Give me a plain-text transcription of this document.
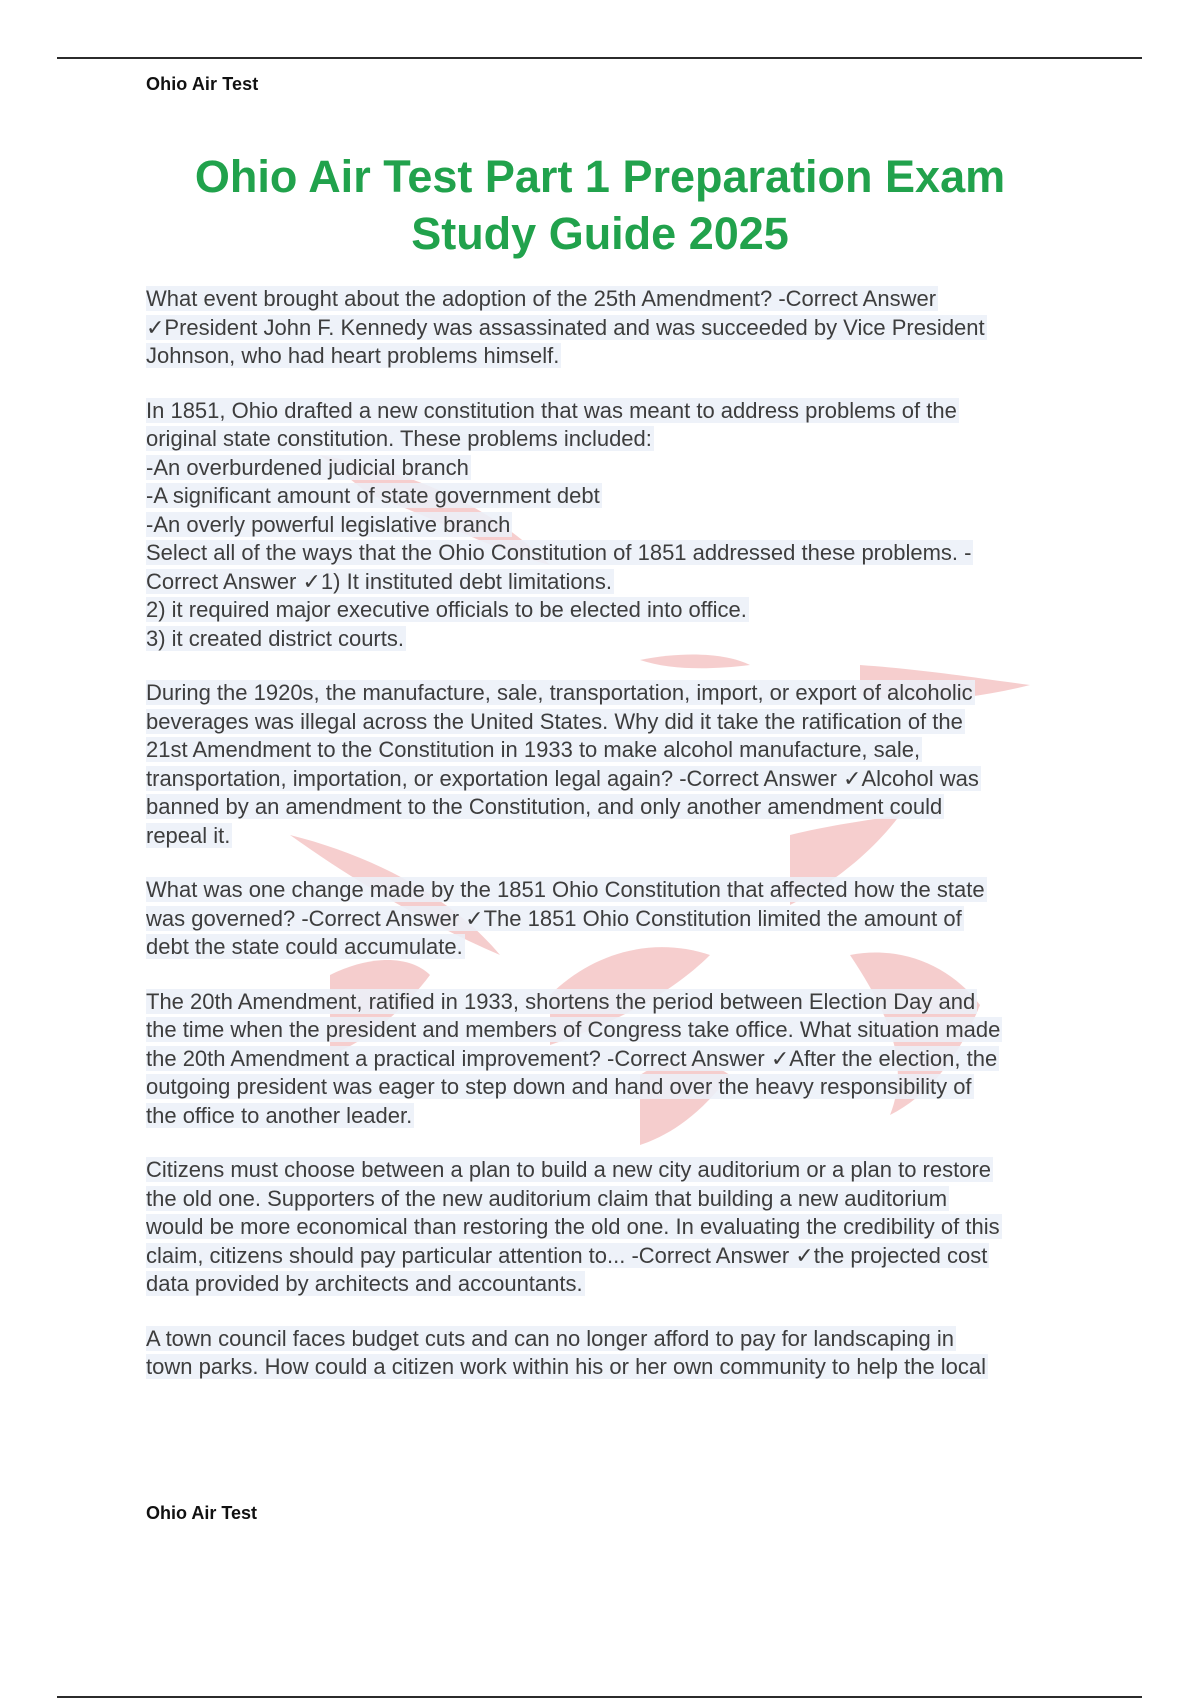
Ohio Air Test
Ohio Air Test Part 1 Preparation Exam
Study Guide 2025

What event brought about the adoption of the 25th Amendment? -Correct Answer
✓President John F. Kennedy was assassinated and was succeeded by Vice President
Johnson, who had heart problems himself.

In 1851, Ohio drafted a new constitution that was meant to address problems of the
original state constitution. These problems included:
-An overburdened judicial branch
-A significant amount of state government debt
-An overly powerful legislative branch
Select all of the ways that the Ohio Constitution of 1851 addressed these problems. -
Correct Answer ✓1) It instituted debt limitations.
2) it required major executive officials to be elected into office.
3) it created district courts.

During the 1920s, the manufacture, sale, transportation, import, or export of alcoholic
beverages was illegal across the United States. Why did it take the ratification of the
21st Amendment to the Constitution in 1933 to make alcohol manufacture, sale,
transportation, importation, or exportation legal again? -Correct Answer ✓Alcohol was
banned by an amendment to the Constitution, and only another amendment could
repeal it.

What was one change made by the 1851 Ohio Constitution that affected how the state
was governed? -Correct Answer ✓The 1851 Ohio Constitution limited the amount of
debt the state could accumulate.

The 20th Amendment, ratified in 1933, shortens the period between Election Day and
the time when the president and members of Congress take office. What situation made
the 20th Amendment a practical improvement? -Correct Answer ✓After the election, the
outgoing president was eager to step down and hand over the heavy responsibility of
the office to another leader.

Citizens must choose between a plan to build a new city auditorium or a plan to restore
the old one. Supporters of the new auditorium claim that building a new auditorium
would be more economical than restoring the old one. In evaluating the credibility of this
claim, citizens should pay particular attention to... -Correct Answer ✓the projected cost
data provided by architects and accountants.

A town council faces budget cuts and can no longer afford to pay for landscaping in
town parks. How could a citizen work within his or her own community to help the local

Ohio Air Test
